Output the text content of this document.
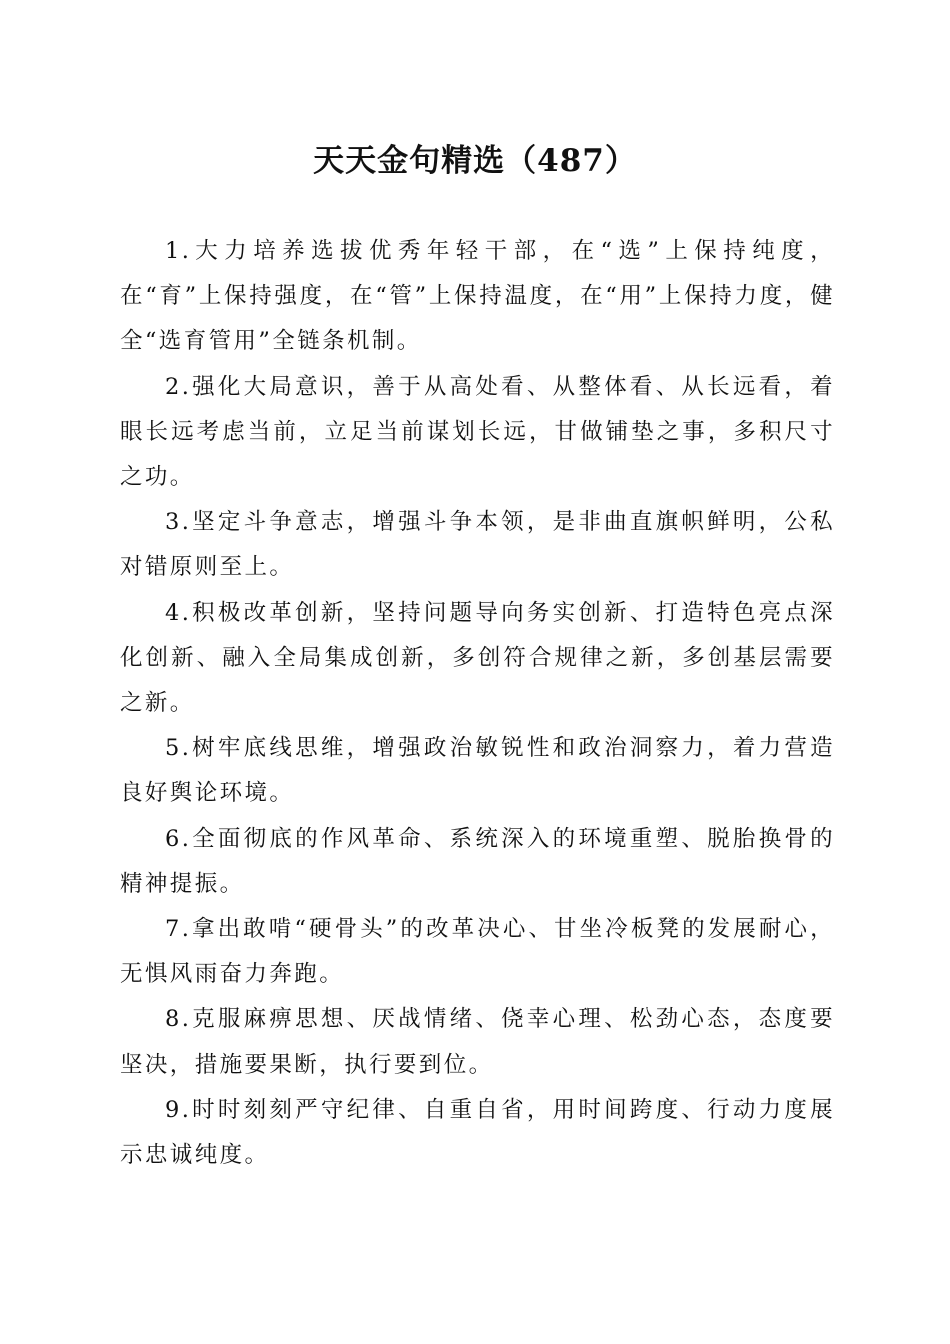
天天金句精选（487）

1.大力培养选拔优秀年轻干部，在“选”上保持纯度，在“育”上保持强度，在“管”上保持温度，在“用”上保持力度，健全“选育管用”全链条机制。

2.强化大局意识，善于从高处看、从整体看、从长远看，着眼长远考虑当前，立足当前谋划长远，甘做铺垫之事，多积尺寸之功。

3.坚定斗争意志，增强斗争本领，是非曲直旗帜鲜明，公私对错原则至上。

4.积极改革创新，坚持问题导向务实创新、打造特色亮点深化创新、融入全局集成创新，多创符合规律之新，多创基层需要之新。

5.树牢底线思维，增强政治敏锐性和政治洞察力，着力营造良好舆论环境。

6.全面彻底的作风革命、系统深入的环境重塑、脱胎换骨的精神提振。

7.拿出敢啃“硬骨头”的改革决心、甘坐冷板凳的发展耐心，无惧风雨奋力奔跑。

8.克服麻痹思想、厌战情绪、侥幸心理、松劲心态，态度要坚决，措施要果断，执行要到位。

9.时时刻刻严守纪律、自重自省，用时间跨度、行动力度展示忠诚纯度。
